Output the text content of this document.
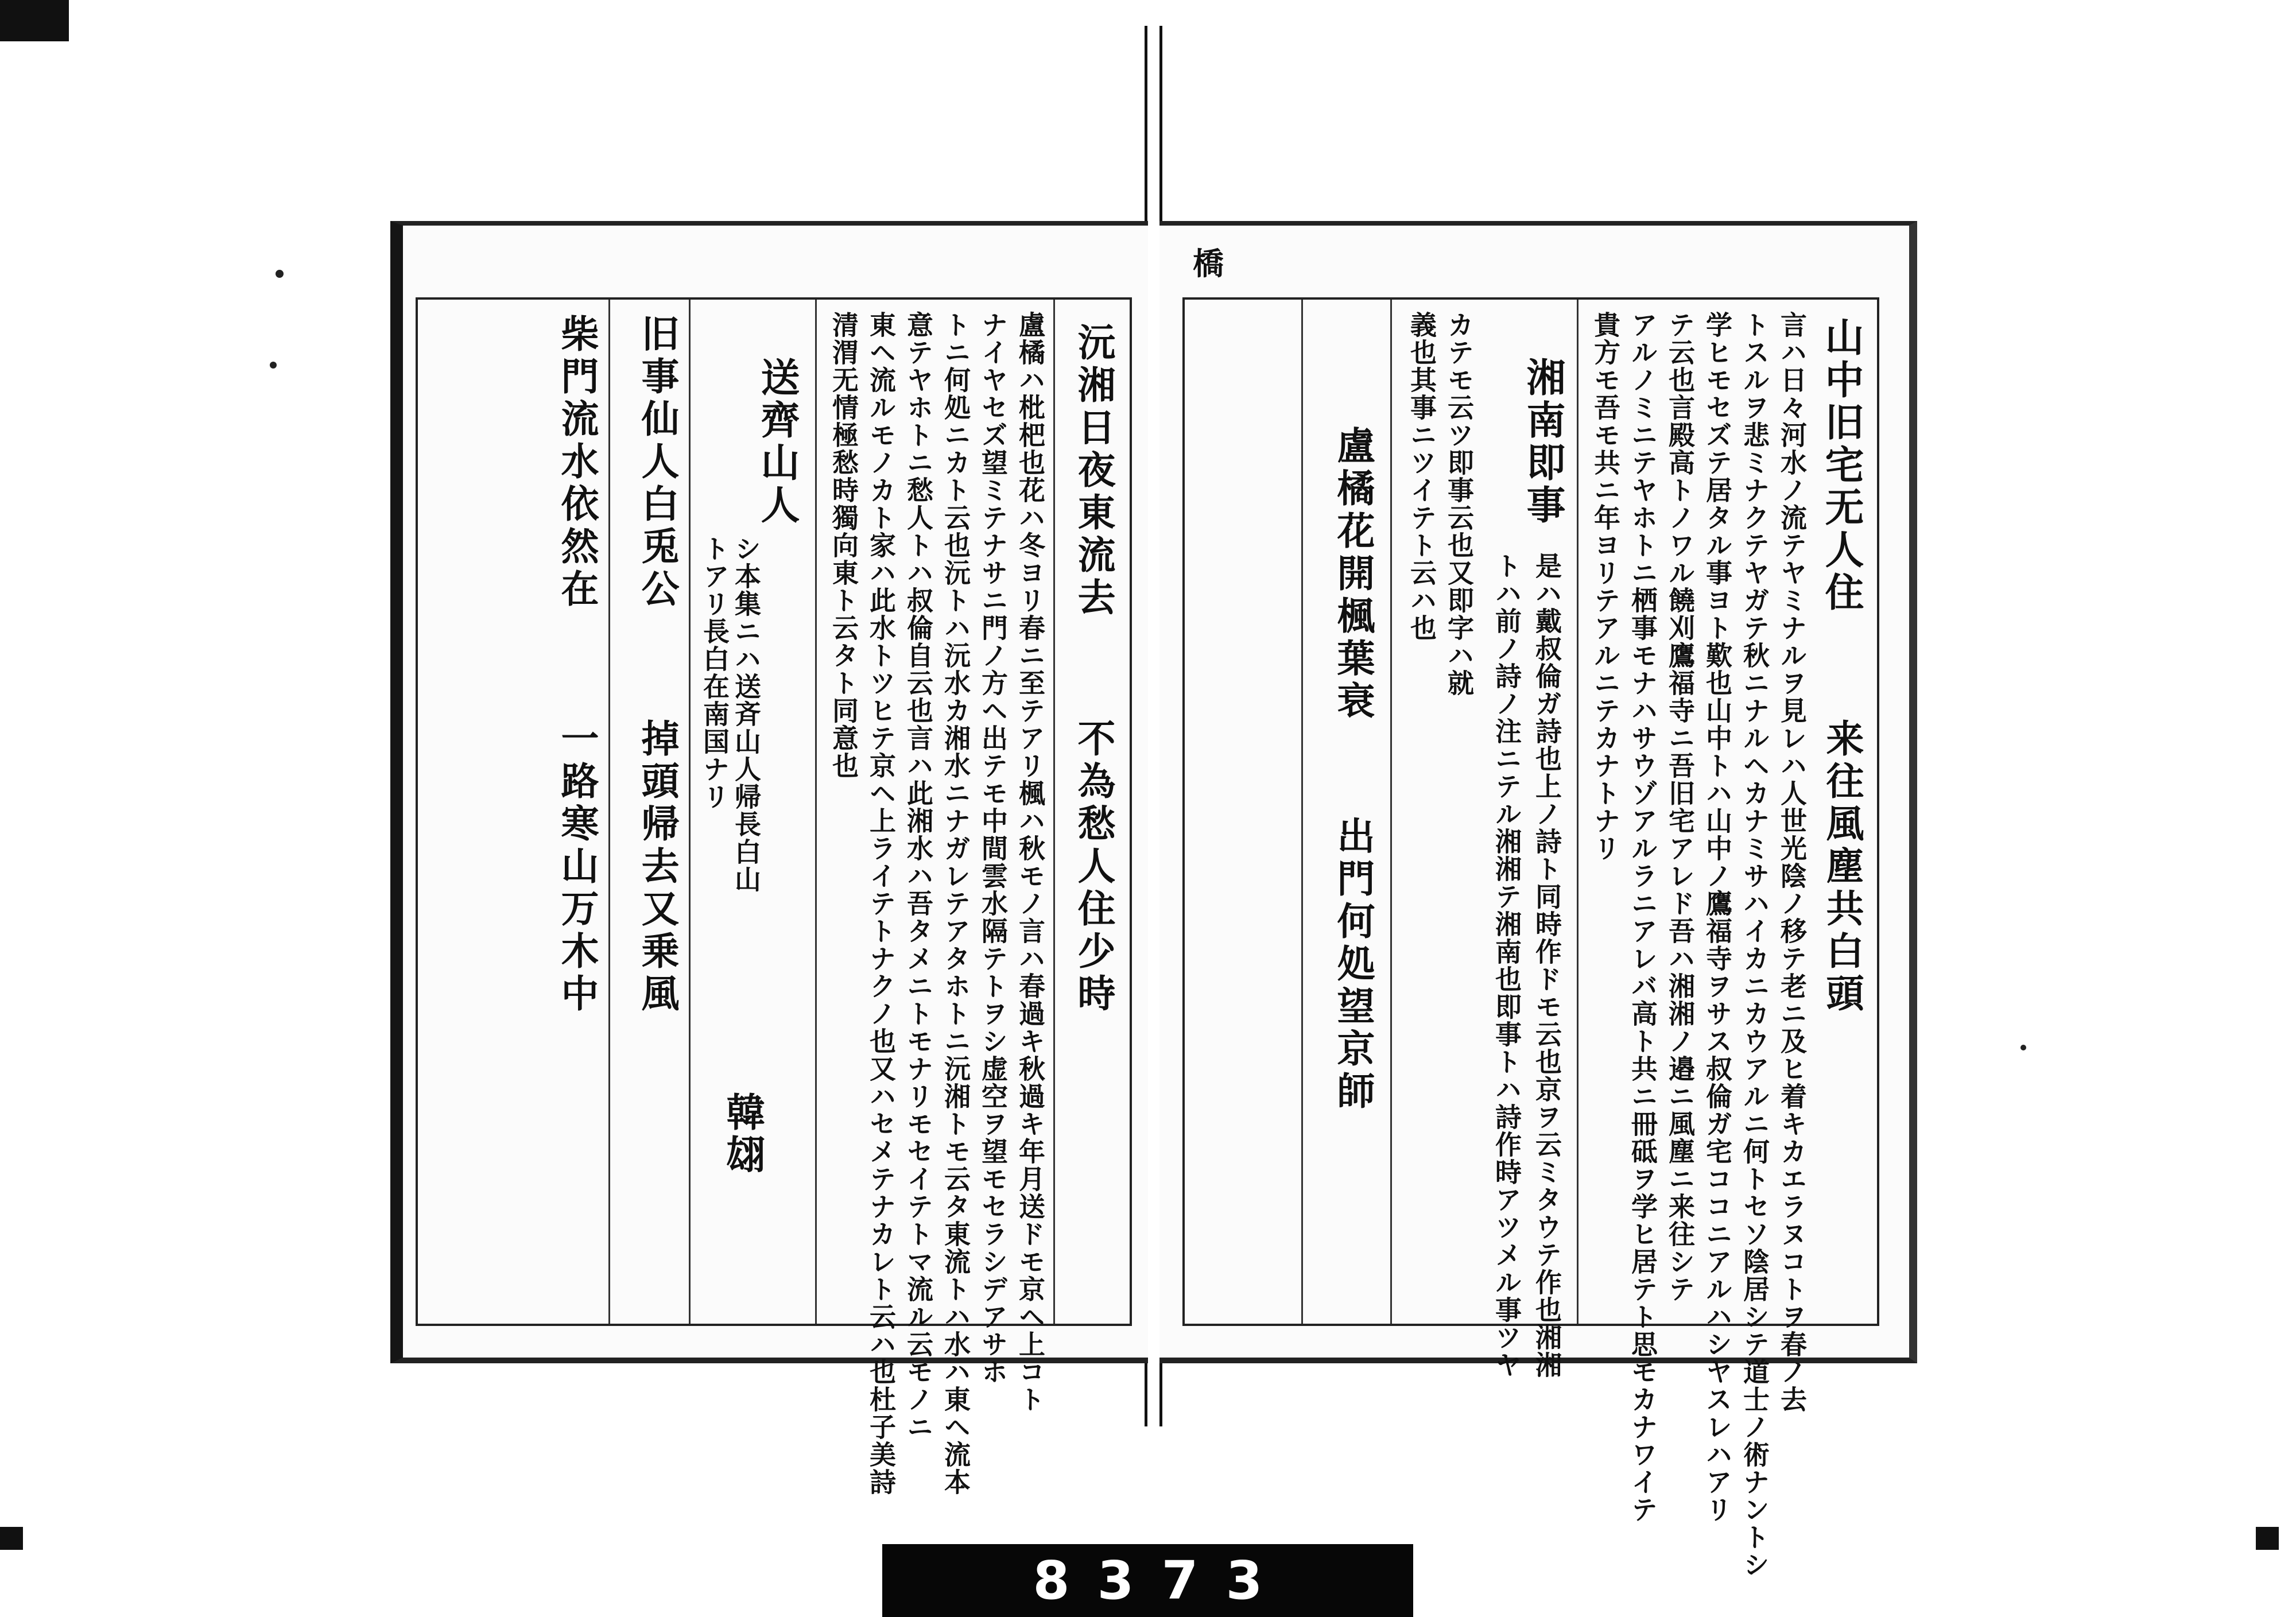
沅湘日夜東流去
不為愁人住少時
盧橘ハ枇杷也花ハ冬ヨリ春ニ至テアリ楓ハ秋モノ言ハ春過キ秋過キ年月送ドモ京ヘ上コト
ナイヤセズ望ミテナサニ門ノ方ヘ出テモ中間雲水隔テトヲシ虚空ヲ望モセラシデアサホ
トニ何処ニカト云也沅トハ沅水カ湘水ニナガレテアタホトニ沅湘トモ云タ東流トハ水ハ東ヘ流本
意テヤホトニ愁人トハ叔倫自云也言ハ此湘水ハ吾タメニトモナリモセイテトマ流ル云モノニ
東ヘ流ルモノカト家ハ此水トツヒテ京ヘ上ライテトナクノ也又ハセメテナカレト云ハ也杜子美詩
清渭无情極愁時獨向東ト云タト同意也
送齊山人
シ本集ニハ送斉山人帰長白山
トアリ長白在南国ナリ
韓翃
旧事仙人白兎公
掉頭帰去又乗風
柴門流水依然在
一路寒山万木中
橋
山中旧宅无人住
来往風塵共白頭
言ハ日々河水ノ流テヤミナルヲ見レハ人世光陰ノ移テ老ニ及ヒ着キカエラヌコトヲ春ノ去
トスルヲ悲ミナクテヤガテ秋ニナルヘカナミサハイカニカウアルニ何トセソ陰居シテ道士ノ術ナントシ
学ヒモセズテ居タル事ヨト歎也山中トハ山中ノ鷹福寺ヲサス叔倫ガ宅ココニアルハシヤスレハアリ
テ云也言殿高トノワル饒刈鷹福寺ニ吾旧宅アレド吾ハ湘湘ノ邉ニ風塵ニ来往シテ
アルノミニテヤホトニ栖事モナハサウゾアルラニアレバ高ト共ニ冊砥ヲ学ヒ居テト思モカナワイテ
貴方モ吾モ共ニ年ヨリテアルニテカナトナリ
湘南即事
是ハ戴叔倫ガ詩也上ノ詩ト同時作ドモ云也京ヲ云ミタウテ作也湘湘
トハ前ノ詩ノ注ニテル湘湘テ湘南也即事トハ詩作時アツメル事ツヤ
カテモ云ツ即事云也又即字ハ就
義也其事ニツイテト云ハ也
盧橘花開楓葉衰
出門何処望京師
8373
